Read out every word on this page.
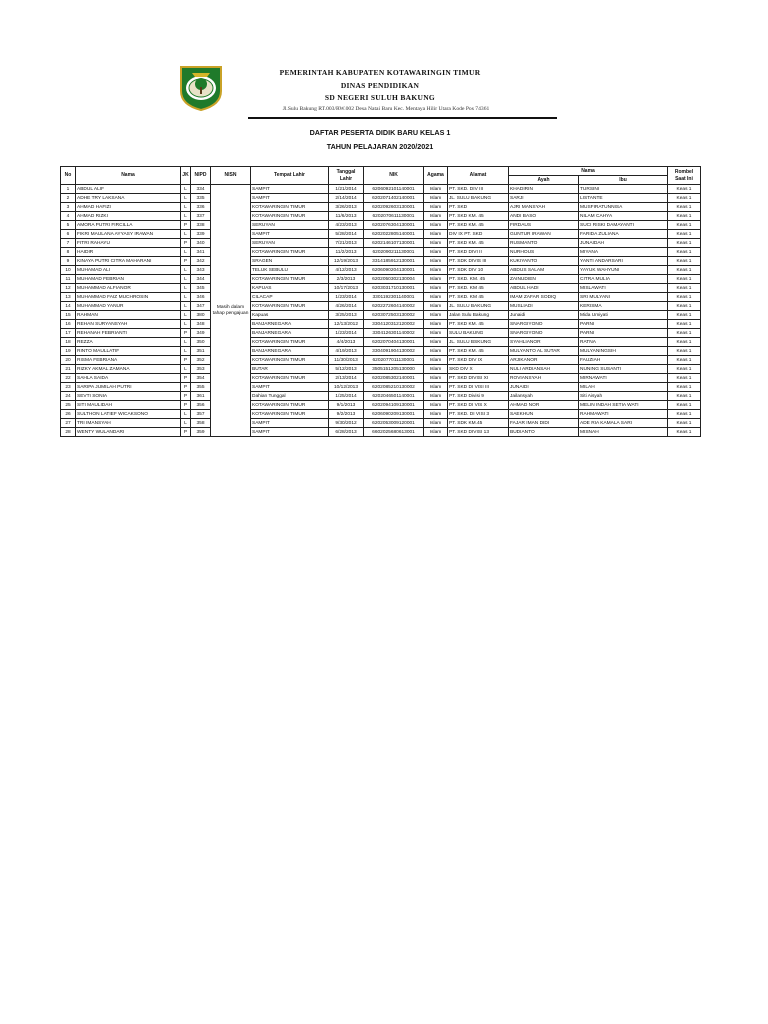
PEMERINTAH KABUPATEN KOTAWARINGIN TIMUR
DINAS PENDIDIKAN
SD NEGERI SULUH BAKUNG
Jl.Sulu Bakung RT.003/RW.002 Desa Natai Baru Kec. Mentaya Hilir Utara Kode Pos 74361
DAFTAR PESERTA DIDIK BARU KELAS 1
TAHUN PELAJARAN 2020/2021
No	Nama	JK	NIPD	NISN	Tempat Lahir	Tanggal Lahir	NIK	Agama	Alamat	Nama		Rombel Saat Ini
										Ayah	Ibu	
1	ABDUL ALIF	L	334	Masih dalam tahap pengajuan	SAMPIT	1/21/2014	6206092101140001	Islam	PT. SKD. DIV III	KHADIRIN	TURSINI	Keas 1
2	ADHE TRY LAKSANA	L	335		SAMPIT	2/14/2014	6202071402140001	Islam	JL. SULU BAKUNG	SARJI	LISTANTE	Keas 1
3	AHMAD HAFIZI	L	336		KOTAWARINGIN TIMUR	3/26/2013	6202092603130001	Islam	PT. SKD	AJRI MANSYAH	MUSFIRATUNNISA	Keas 1
4	AHMAD RIZKI	L	337		KOTAWARINGIN TIMUR	11/6/2013	6202070611130001	Islam	PT. SKD KM. 45	ANDI BASO	NILAM CAHYA	Keas 1
5	AMORA PUTRI FIRCILLA	P	338		SERUYAN	4/23/2013	6202076304130001	Islam	PT. SKD KM. 45	FIRDAUS	SUCI RISKI DAMAYANTI	Keas 1
6	FIKRI MAULANA AYYASY IRAWAN	L	339		SAMPIT	5/28/2014	6202022805140001	Islam	DIV IX PT. SKD	GUNTUR IRAWAN	FARIDA ZULIANA	Keas 1
7	FITRI RAHAYU	P	340		SERUYAN	7/21/2013	6202146107130001	Islam	PT. SKD KM. 45	RUSMANTO	JUNAIDAH	Keas 1
8	HAIDIR	L	341		KOTAWARINGIN TIMUR	11/2/2013	6202090211130001	Islam	PT. SKD DIVI II	NURHOUS	MIYANA	Keas 1
9	KINAYA PUTRI CITRA MAHARANI	P	342		SRAGEN	12/19/2013	3314185912130001	Islam	PT. SDK DIVIS III	KUKIYANTO	YANTI ANDARSARI	Keas 1
10	MUHAMAD ALI	L	343		TELUK SEBULU	4/12/2013	6206090204130001	Islam	PT. SDK DIV 10	ABDUS SALAM	YAYUK WAHYUNI	Keas 1
11	MUHAMAD FEBRIAN	L	344		KOTAWARINGIN TIMUR	2/3/2013	6202050302130004	Islam	PT. SKD. KM. 45	ZAINUDIEN	CITRA MULIA	Keas 1
12	MUHAMMAD ALFIANOR	L	345		KAPUAS	10/17/2013	6203031710130001	Islam	PT. SKD. KM 45	ABDUL HADI	MISLAWATI	Keas 1
13	MUHAMMAD FAIZ MUCHROSIN	L	346		CILACAP	1/23/2014	3301192301140001	Islam	PT. SKD. KM 45	IMAM ZAFAR SODIQ	SRI MULYANI	Keas 1
14	MUHAMMAD YANUR	L	347		KOTAWARINGIN TIMUR	4/26/2014	6202272604140002	Islam	JL. SULU BAKUNG	MUSLIADI	KERISMA	Keas 1
15	RAHMAN	L	380		Kapuas	3/25/2013	6203072503130002	Islam	Jalan Sulu Bakung	Junaidi	Mida Umiyati	Keas 1
16	REHAN SURYANSYAH	L	348		BANJARNEGARA	12/13/2012	3304120312120002	Islam	PT. SKD KM. 45	SNARGIYONO	PARNI	Keas 1
17	REHANAH FEBRIANTI	P	349		BANJARNEGARA	1/23/2014	3304126301140002	Islam	SULU BAKUNG	SNARGIYONO	PARNI	Keas 1
18	REZZA	L	350		KOTAWARINGIN TIMUR	4/4/2013	6202070404130001	Islam	JL. SULU BSKUNG	SYAHLIANOR	RATNA	Keas 1
19	RINTO MAULLATIF	L	351		BANJARNEGARA	4/19/2013	3304091904130002	Islam	PT. SKD KM. 45	MULYANTO AL SUTAR	MULYANINGSIH	Keas 1
20	RISMA FEBRIANA	P	352		KOTAWARINGIN TIMUR	11/30/2013	6202077011130001	Islam	PT. SKD DIV IX	ARJIKANOR	FAUZIAH	Keas 1
21	RIZKY AKMAL ZAMANA	L	353		BUTAR	5/12/2013	3505151205130000	Islam	SKD DIV X	NULI ARDIANSAH	NUNING SUSANTI	Keas 1
22	SAHLA SAIDA	P	354		KOTAWARINGIN TIMUR	2/13/2014	6202085302140001	Islam	PT. SKD DIVISI XI	ROVIANSYAH	MIRNAWATI	Keas 1
23	SARIPA JUMILAH PUTRI	P	355		SAMPIT	10/12/2013	6202085210130002	Islam	PT. SKD DI VISI III	JUNAIDI	MILAH	Keas 1
24	SEVTI SONIA	P	361		Dahian Tunggal	1/25/2014	6202046501140001	Islam	PT. SKD Divisi 9	Jailansyah	Siti Aisyah	Keas 1
25	SITI MAULIDAH	P	356		KOTAWARINGIN TIMUR	9/1/2013	6202094109130001	Islam	PT. SKD DI VIS X	AHMAD NOR	MELIN INDAH SETIA WATI	Keas 1
26	SULTHON LATIEF WICAKSONO	L	357		KOTAWARINGIN TIMUR	9/2/2013	6206090209130001	Islam	PT. SKD. DI VISI 3	SAEKHUN	RAHMAWATI	Keas 1
27	TRI IMANSYAH	L	358		SAMPIT	9/30/2012	6202053009120001	Islam	PT. SDK KM.45	FAJAR IMAN DIDI	ADE RIA KAMALA SARI	Keas 1
28	WENTY WULANDARI	P	359		SAMPIT	6/28/2013	6602025680613001	Islam	PT. SKD DIVISI 13	BUDIANTO	MISNAH	Keas 1
